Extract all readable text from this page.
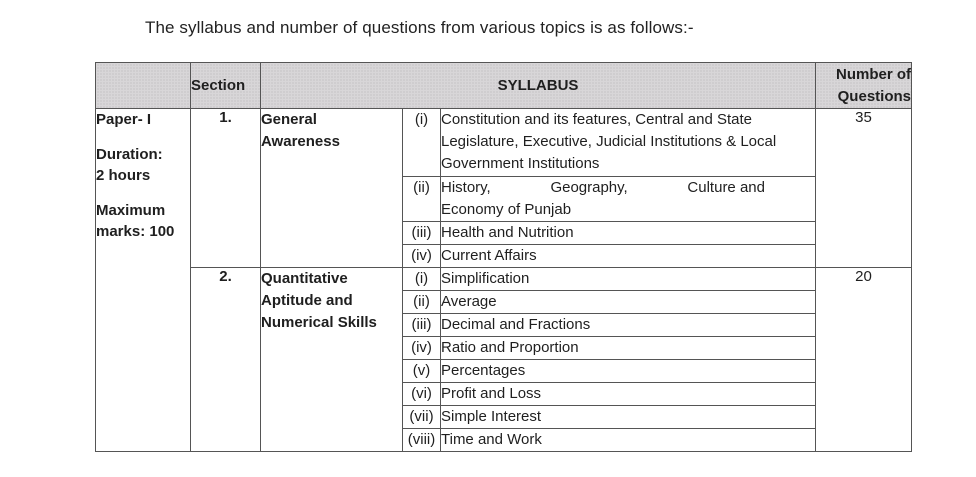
The syllabus and number of questions from various topics is as follows:-
	Section	SYLLABUS			Number of
Questions

Paper- I
Duration:
2 hours
Maximum
marks: 100	1.	General
Awareness	(i)	Constitution and its features, Central and State Legislature, Executive, Judicial Institutions & Local Government Institutions	35
			(ii)	History, Geography, Culture and
Economy of Punjab	

			(iii)	Health and Nutrition	
			(iv)	Current Affairs	
	2.	Quantitative
Aptitude and
Numerical Skills	(i)	Simplification	20
			(ii)	Average	
			(iii)	Decimal and Fractions	
			(iv)	Ratio and Proportion	
			(v)	Percentages	
			(vi)	Profit and Loss	
			(vii)	Simple Interest	
			(viii)	Time and Work	
